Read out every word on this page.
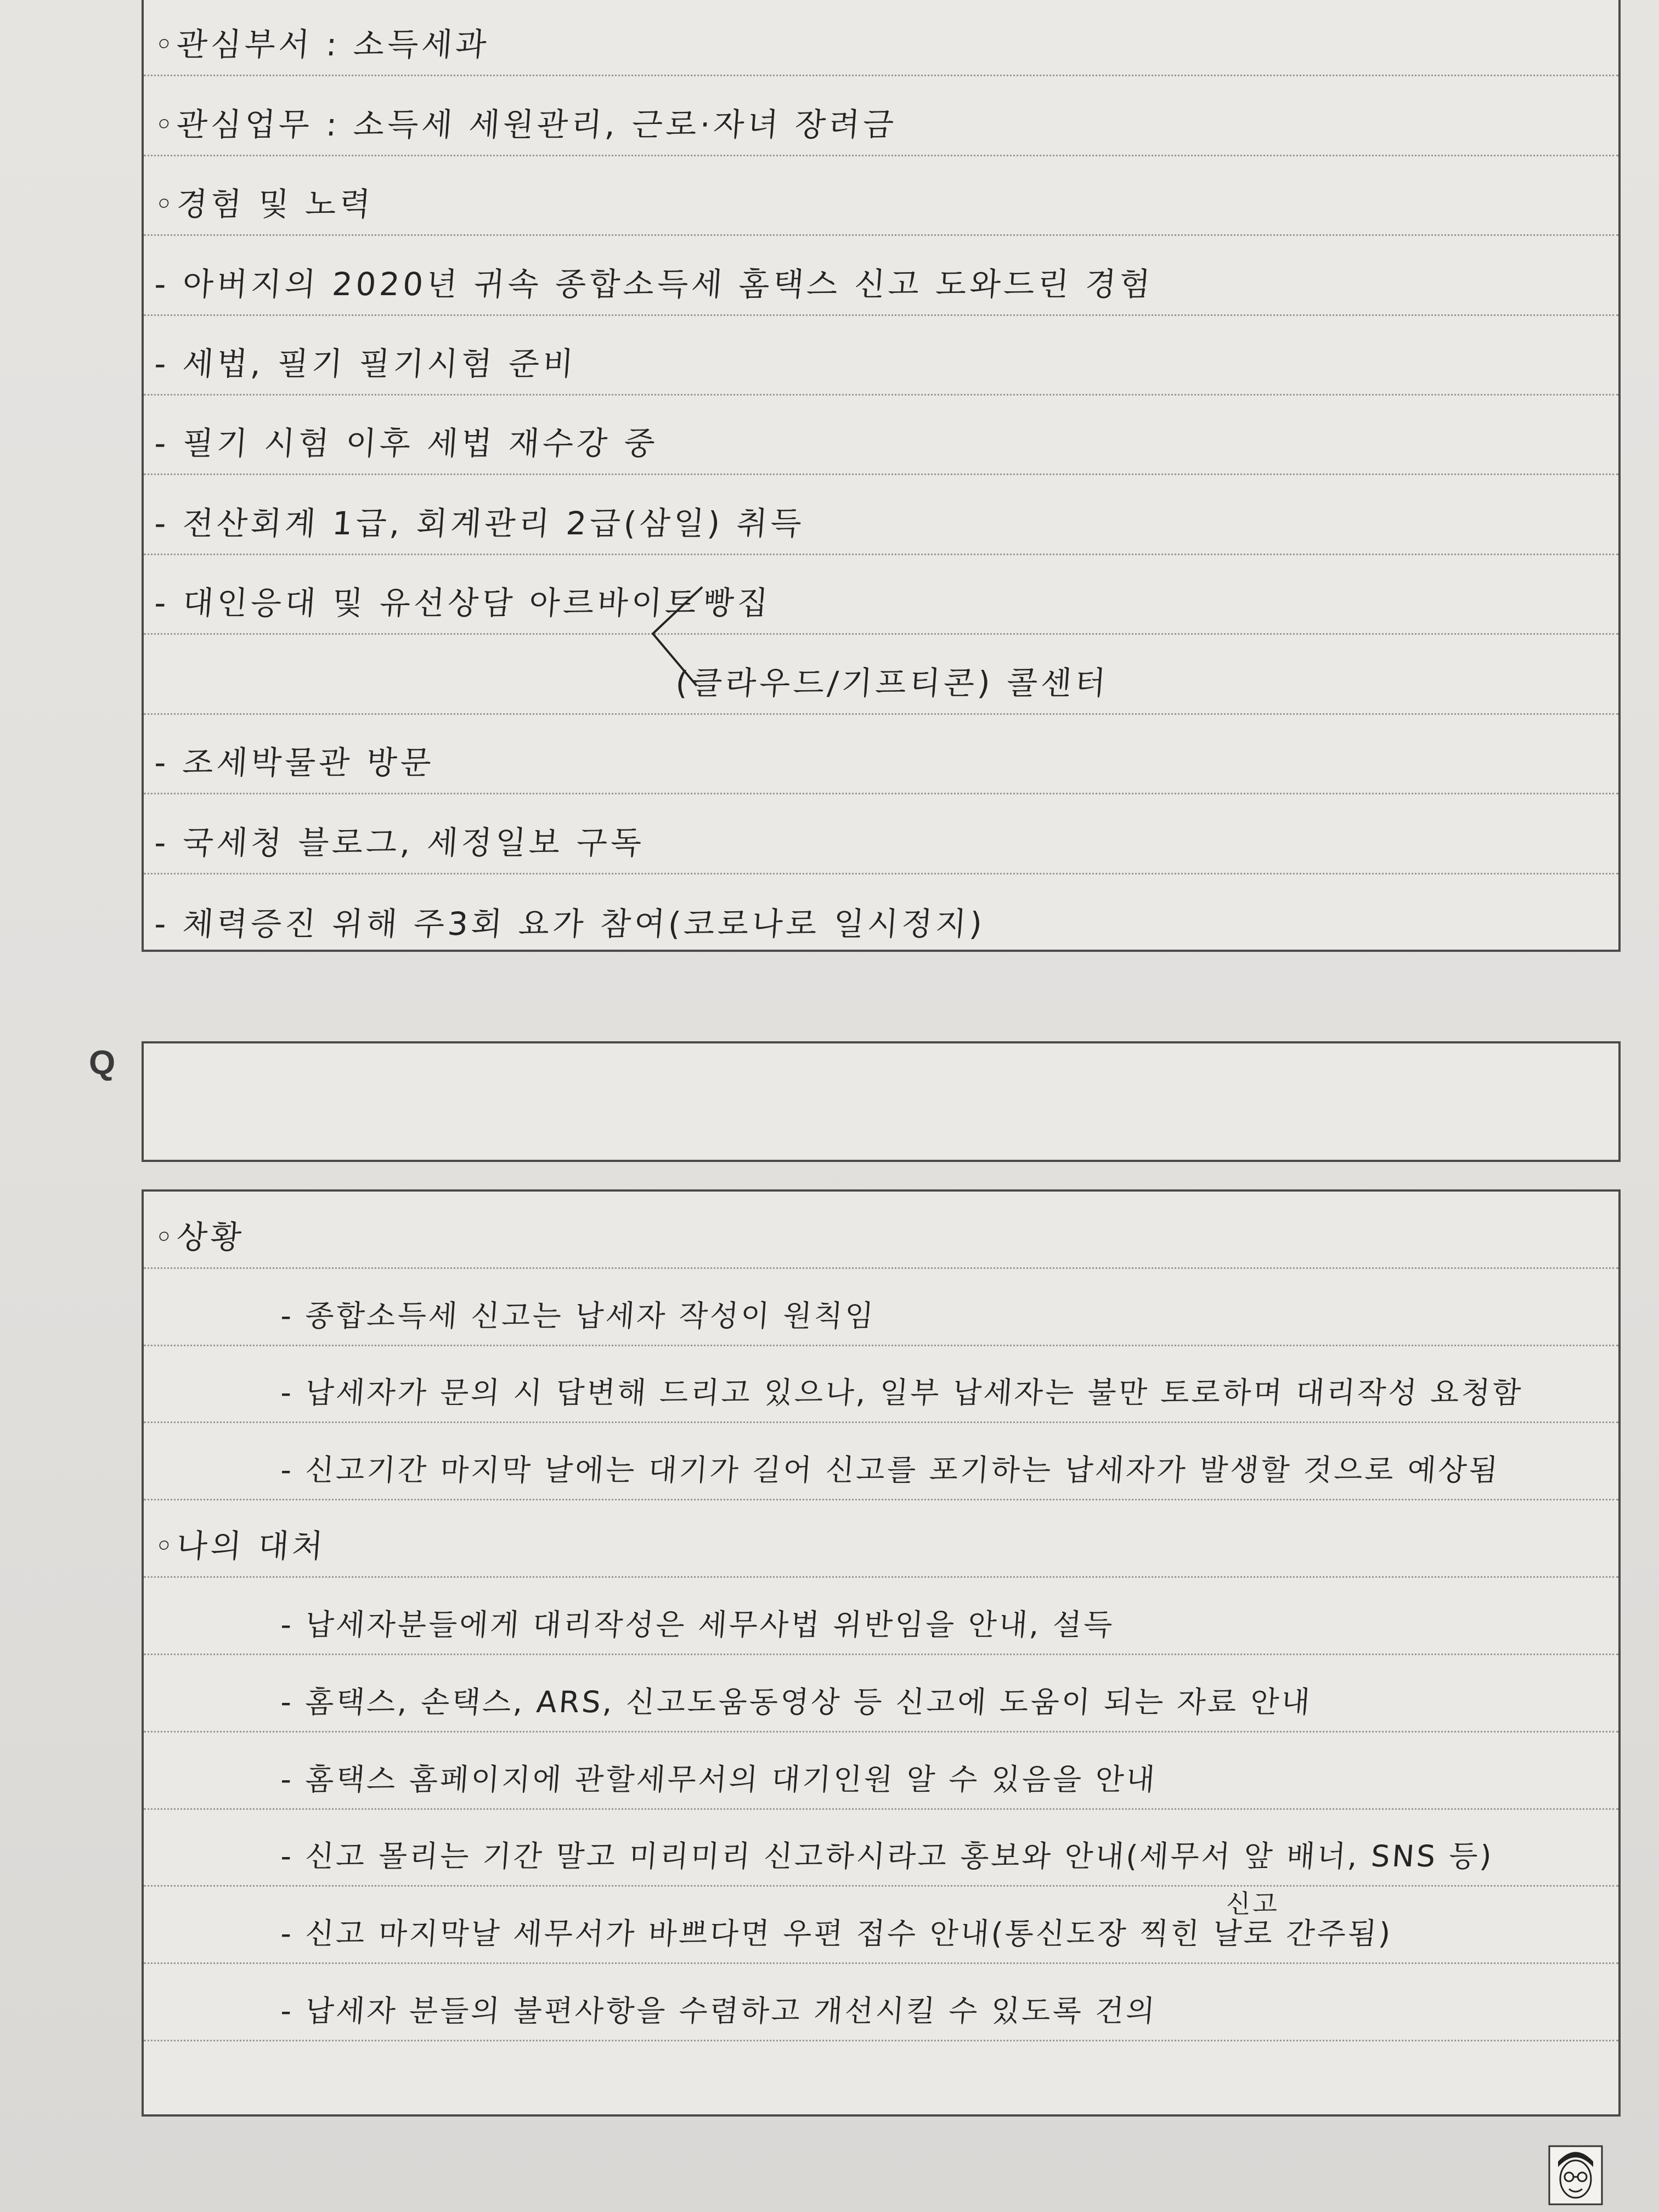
◦관심부서 : 소득세과
◦관심업무 : 소득세 세원관리, 근로·자녀 장려금
◦경험 및 노력
- 아버지의 2020년 귀속 종합소득세 홈택스 신고 도와드린 경험
- 세법, 필기 필기시험 준비
- 필기 시험 이후 세법 재수강 중
- 전산회계 1급, 회계관리 2급(삼일) 취득
- 대인응대 및 유선상담 아르바이트 빵집
(클라우드/기프티콘) 콜센터
- 조세박물관 방문
- 국세청 블로그, 세정일보 구독
- 체력증진 위해 주3회 요가 참여(코로나로 일시정지)
Q
◦상황
- 종합소득세 신고는 납세자 작성이 원칙임
- 납세자가 문의 시 답변해 드리고 있으나, 일부 납세자는 불만 토로하며 대리작성 요청함
- 신고기간 마지막 날에는 대기가 길어 신고를 포기하는 납세자가 발생할 것으로 예상됨
◦나의 대처
- 납세자분들에게 대리작성은 세무사법 위반임을 안내, 설득
- 홈택스, 손택스, ARS, 신고도움동영상 등 신고에 도움이 되는 자료 안내
- 홈택스 홈페이지에 관할세무서의 대기인원 알 수 있음을 안내
- 신고 몰리는 기간 말고 미리미리 신고하시라고 홍보와 안내(세무서 앞 배너, SNS 등)
- 신고 마지막날 세무서가 바쁘다면 우편 접수 안내(통신도장 찍힌 날로 간주됨)
- 납세자 분들의 불편사항을 수렴하고 개선시킬 수 있도록 건의
신고
